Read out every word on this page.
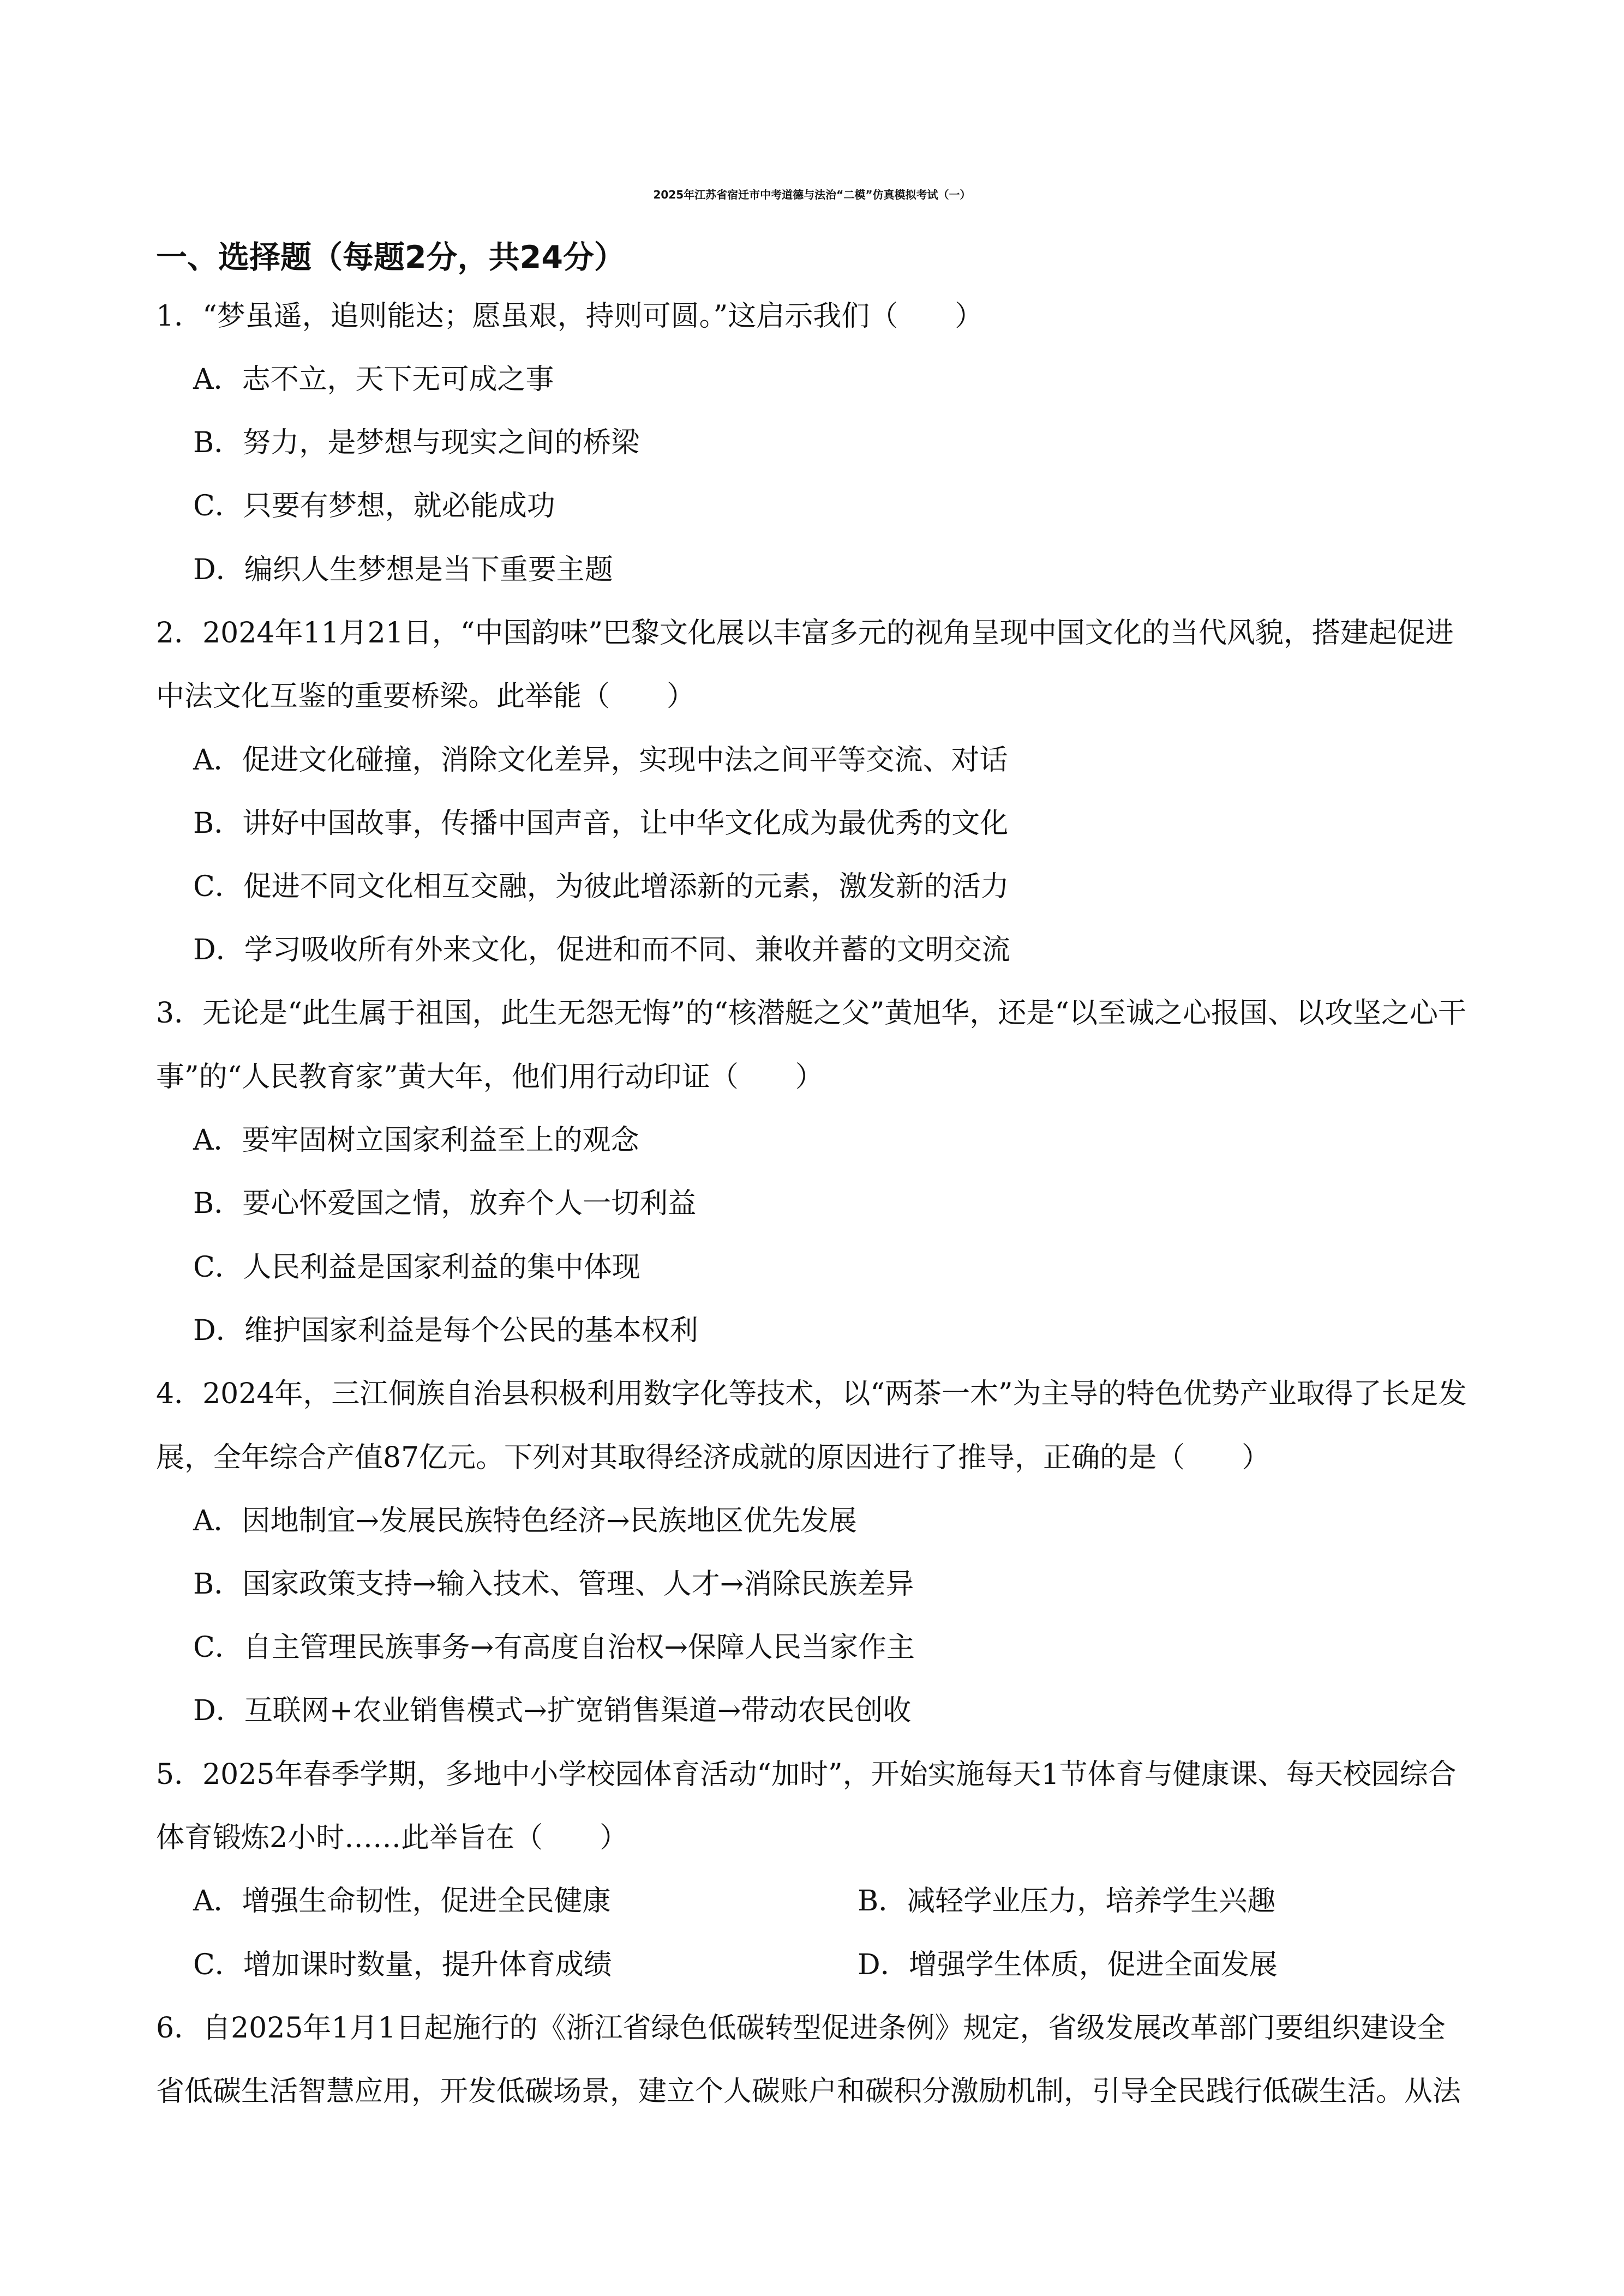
2025年江苏省宿迁市中考道德与法治“二模”仿真模拟考试（一）
一、选择题（每题2分，共24分）
1．“梦虽遥，追则能达；愿虽艰，持则可圆。”这启示我们（　　）
A．志不立，天下无可成之事
B．努力，是梦想与现实之间的桥梁
C．只要有梦想，就必能成功
D．编织人生梦想是当下重要主题
2．2024年11月21日，“中国韵味”巴黎文化展以丰富多元的视角呈现中国文化的当代风貌，搭建起促进
中法文化互鉴的重要桥梁。此举能（　　）
A．促进文化碰撞，消除文化差异，实现中法之间平等交流、对话
B．讲好中国故事，传播中国声音，让中华文化成为最优秀的文化
C．促进不同文化相互交融，为彼此增添新的元素，激发新的活力
D．学习吸收所有外来文化，促进和而不同、兼收并蓄的文明交流
3．无论是“此生属于祖国，此生无怨无悔”的“核潜艇之父”黄旭华，还是“以至诚之心报国、以攻坚之心干
事”的“人民教育家”黄大年，他们用行动印证（　　）
A．要牢固树立国家利益至上的观念
B．要心怀爱国之情，放弃个人一切利益
C．人民利益是国家利益的集中体现
D．维护国家利益是每个公民的基本权利
4．2024年，三江侗族自治县积极利用数字化等技术，以“两茶一木”为主导的特色优势产业取得了长足发
展，全年综合产值87亿元。下列对其取得经济成就的原因进行了推导，正确的是（　　）
A．因地制宜→发展民族特色经济→民族地区优先发展
B．国家政策支持→输入技术、管理、人才→消除民族差异
C．自主管理民族事务→有高度自治权→保障人民当家作主
D．互联网+农业销售模式→扩宽销售渠道→带动农民创收
5．2025年春季学期，多地中小学校园体育活动“加时”，开始实施每天1节体育与健康课、每天校园综合
体育锻炼2小时……此举旨在（　　）
A．增强生命韧性，促进全民健康	B．减轻学业压力，培养学生兴趣
C．增加课时数量，提升体育成绩	D．增强学生体质，促进全面发展
6．自2025年1月1日起施行的《浙江省绿色低碳转型促进条例》规定，省级发展改革部门要组织建设全
省低碳生活智慧应用，开发低碳场景，建立个人碳账户和碳积分激励机制，引导全民践行低碳生活。从法
